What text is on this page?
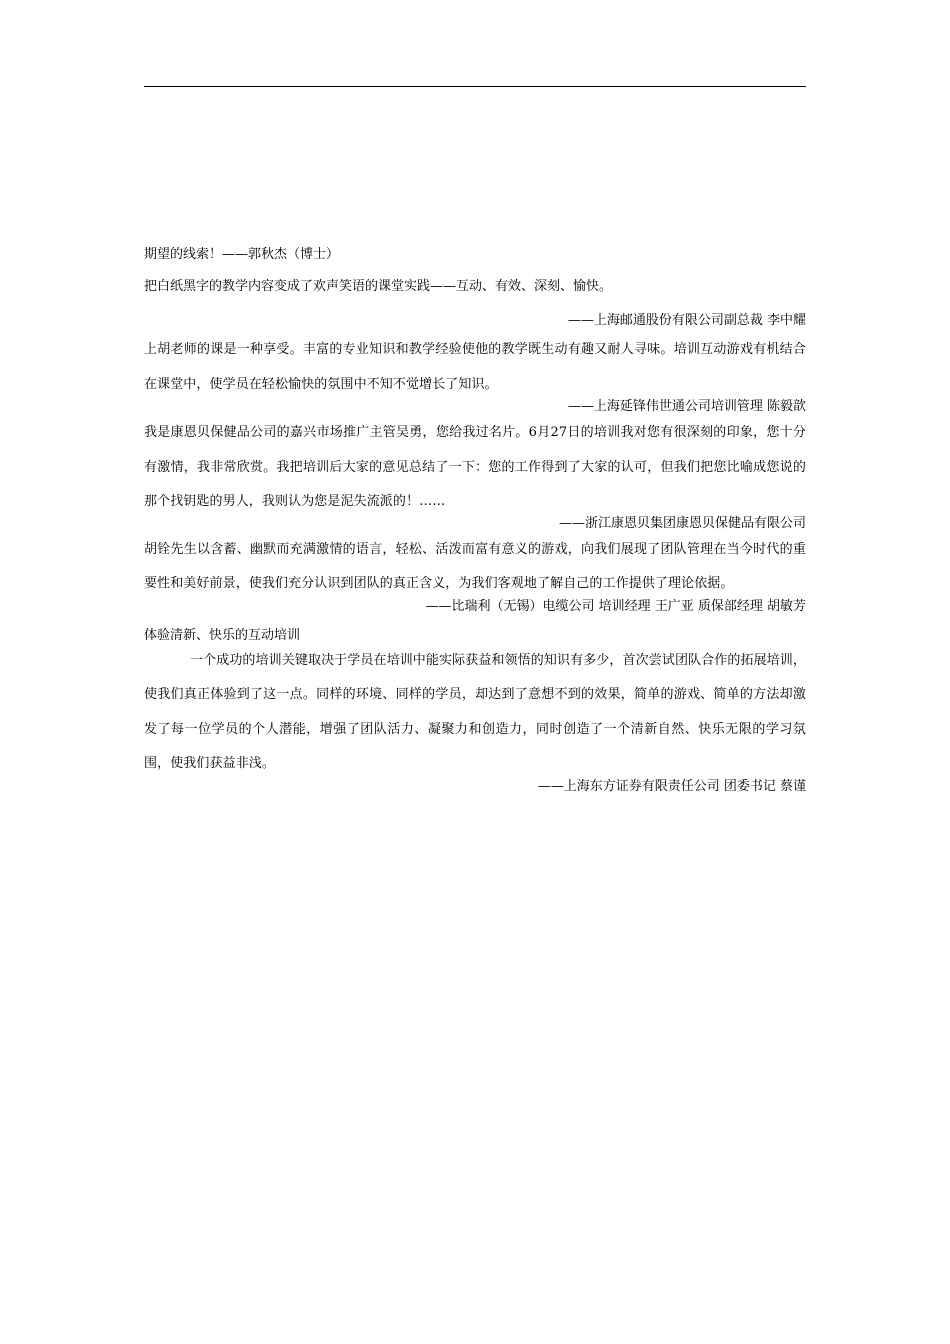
期望的线索！——郭秋杰（博士）

把白纸黑字的教学内容变成了欢声笑语的课堂实践——互动、有效、深刻、愉快。

——上海邮通股份有限公司副总裁 李中耀

上胡老师的课是一种享受。丰富的专业知识和教学经验使他的教学既生动有趣又耐人寻味。培训互动游戏有机结合在课堂中，使学员在轻松愉快的氛围中不知不觉增长了知识。

——上海延锋伟世通公司培训管理 陈毅歆

我是康恩贝保健品公司的嘉兴市场推广主管吴勇，您给我过名片。6月27日的培训我对您有很深刻的印象，您十分有激情，我非常欣赏。我把培训后大家的意见总结了一下：您的工作得到了大家的认可，但我们把您比喻成您说的那个找钥匙的男人，我则认为您是泥失流派的！……

——浙江康恩贝集团康恩贝保健品有限公司

胡铨先生以含蓄、幽默而充满激情的语言，轻松、活泼而富有意义的游戏，向我们展现了团队管理在当今时代的重要性和美好前景，使我们充分认识到团队的真正含义，为我们客观地了解自己的工作提供了理论依据。

——比瑞利（无锡）电缆公司 培训经理 王广亚 质保部经理 胡敏芳

体验清新、快乐的互动培训

一个成功的培训关键取决于学员在培训中能实际获益和领悟的知识有多少，首次尝试团队合作的拓展培训，使我们真正体验到了这一点。同样的环境、同样的学员，却达到了意想不到的效果，简单的游戏、简单的方法却激发了每一位学员的个人潜能，增强了团队活力、凝聚力和创造力，同时创造了一个清新自然、快乐无限的学习氛围，使我们获益非浅。

——上海东方证券有限责任公司 团委书记 蔡谨
